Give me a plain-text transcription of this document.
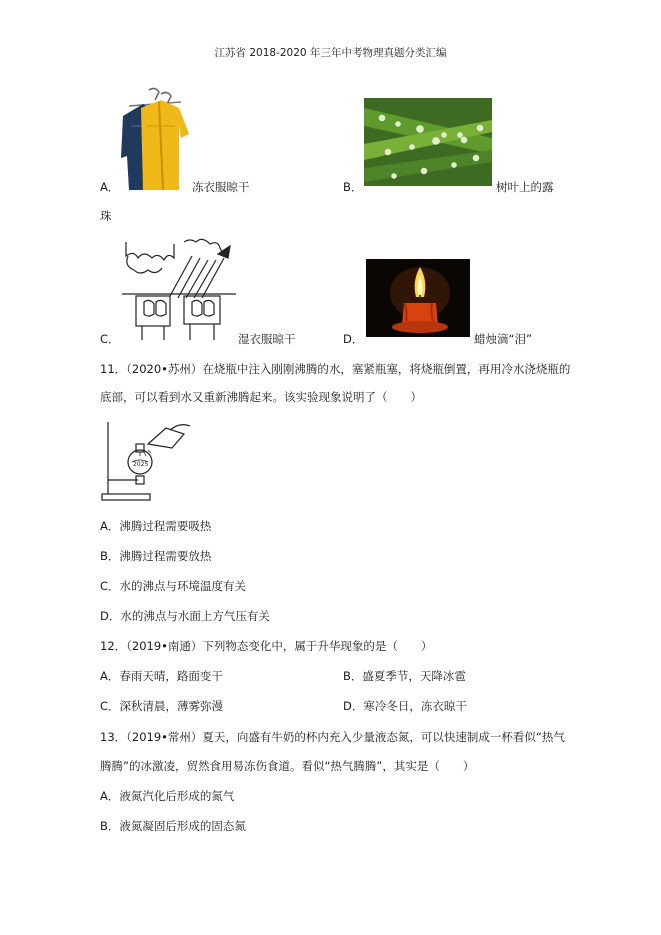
江苏省 2018-2020 年三年中考物理真题分类汇编
A．	冻衣服晾干	B．	树叶上的露
珠
C．	湿衣服晾干	D．	蜡烛滴“泪”
11．（2020•苏州）在烧瓶中注入刚刚沸腾的水，塞紧瓶塞，将烧瓶倒置，再用冷水浇烧瓶的
底部，可以看到水又重新沸腾起来。该实验现象说明了（　　）
2025
A．沸腾过程需要吸热
B．沸腾过程需要放热
C．水的沸点与环境温度有关
D．水的沸点与水面上方气压有关
12．（2019•南通）下列物态变化中，属于升华现象的是（　　）
A．春雨天晴，路面变干	B．盛夏季节，天降冰雹
C．深秋清晨，薄雾弥漫	D．寒冷冬日，冻衣晾干
13．（2019•常州）夏天，向盛有牛奶的杯内充入少量液态氮，可以快速制成一杯看似“热气
腾腾”的冰激凌，贸然食用易冻伤食道。看似“热气腾腾”，其实是（　　）
A．液氮汽化后形成的氮气
B．液氮凝固后形成的固态氮
